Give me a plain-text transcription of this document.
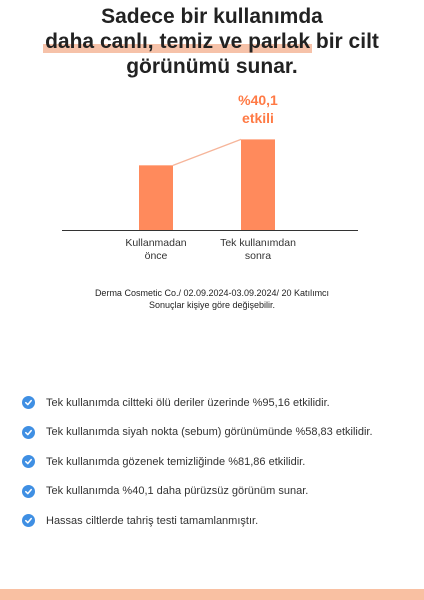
Sadece bir kullanımda
daha canlı, temiz ve parlak bir cilt
görünümü sunar.
Kullanmadan
önce
Tek kullanımdan
sonra
%40,1
etkili
Derma Cosmetic Co./ 02.09.2024-03.09.2024/ 20 Katılımcı
Sonuçlar kişiye göre değişebilir.
Tek kullanımda ciltteki ölü deriler üzerinde %95,16 etkilidir.
Tek kullanımda siyah nokta (sebum) görünümünde %58,83 etkilidir.
Tek kullanımda gözenek temizliğinde %81,86 etkilidir.
Tek kullanımda %40,1 daha pürüzsüz görünüm sunar.
Hassas ciltlerde tahriş testi tamamlanmıştır.
